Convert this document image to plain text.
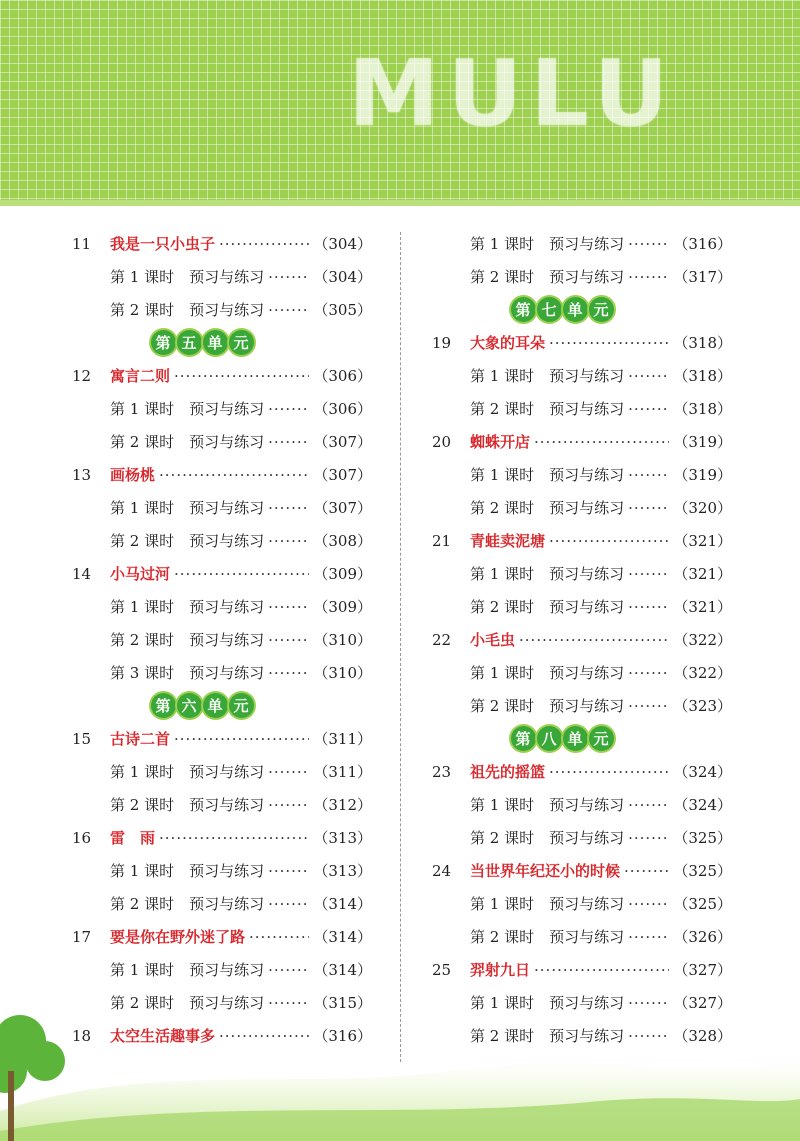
MULU
11	我是一只小虫子 ·····	（304）
第 1 课时　预习与练习 ·····	（304）
第 2 课时　预习与练习 ·····	（305）
第 五 单 元
12	寓言二则 ·····	（306）
第 1 课时　预习与练习 ·····	（306）
第 2 课时　预习与练习 ·····	（307）
13	画杨桃 ·····	（307）
第 1 课时　预习与练习 ·····	（307）
第 2 课时　预习与练习 ·····	（308）
14	小马过河 ·····	（309）
第 1 课时　预习与练习 ·····	（309）
第 2 课时　预习与练习 ·····	（310）
第 3 课时　预习与练习 ·····	（310）
第 六 单 元
15	古诗二首 ·····	（311）
第 1 课时　预习与练习 ·····	（311）
第 2 课时　预习与练习 ·····	（312）
16	雷　雨 ·····	（313）
第 1 课时　预习与练习 ·····	（313）
第 2 课时　预习与练习 ·····	（314）
17	要是你在野外迷了路 ·····	（314）
第 1 课时　预习与练习 ·····	（314）
第 2 课时　预习与练习 ·····	（315）
18	太空生活趣事多 ·····	（316）
第 1 课时　预习与练习 ·····	（316）
第 2 课时　预习与练习 ·····	（317）
第 七 单 元
19	大象的耳朵 ·····	（318）
第 1 课时　预习与练习 ·····	（318）
第 2 课时　预习与练习 ·····	（318）
20	蜘蛛开店 ·····	（319）
第 1 课时　预习与练习 ·····	（319）
第 2 课时　预习与练习 ·····	（320）
21	青蛙卖泥塘 ·····	（321）
第 1 课时　预习与练习 ·····	（321）
第 2 课时　预习与练习 ·····	（321）
22	小毛虫 ·····	（322）
第 1 课时　预习与练习 ·····	（322）
第 2 课时　预习与练习 ·····	（323）
第 八 单 元
23	祖先的摇篮 ·····	（324）
第 1 课时　预习与练习 ·····	（324）
第 2 课时　预习与练习 ·····	（325）
24	当世界年纪还小的时候 ·····	（325）
第 1 课时　预习与练习 ·····	（325）
第 2 课时　预习与练习 ·····	（326）
25	羿射九日 ·····	（327）
第 1 课时　预习与练习 ·····	（327）
第 2 课时　预习与练习 ·····	（328）
